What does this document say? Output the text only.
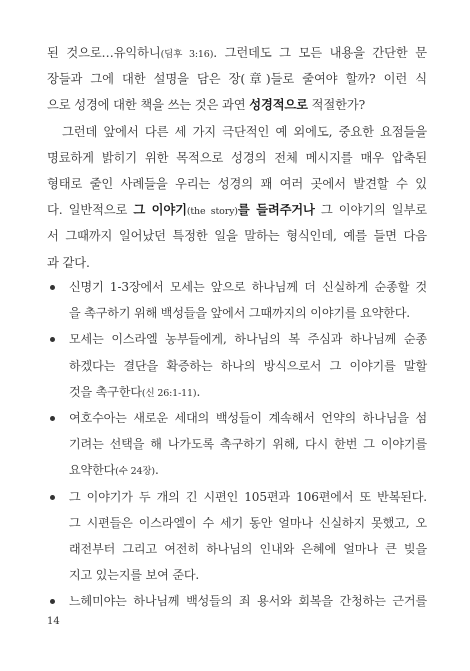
된 것으로…유익하니(딤후 3:16). 그런데도 그 모든 내용을 간단한 문
장들과 그에 대한 설명을 담은 장(章)들로 줄여야 할까? 이런 식
으로 성경에 대한 책을 쓰는 것은 과연 성경적으로 적절한가?

그런데 앞에서 다른 세 가지 극단적인 예 외에도, 중요한 요점들을
명료하게 밝히기 위한 목적으로 성경의 전체 메시지를 매우 압축된
형태로 줄인 사례들을 우리는 성경의 꽤 여러 곳에서 발견할 수 있
다. 일반적으로 그 이야기(the story)를 들려주거나 그 이야기의 일부로
서 그때까지 일어났던 특정한 일을 말하는 형식인데, 예를 들면 다음
과 같다.

신명기 1-3장에서 모세는 앞으로 하나님께 더 신실하게 순종할 것
을 촉구하기 위해 백성들을 앞에서 그때까지의 이야기를 요약한다.
모세는 이스라엘 농부들에게, 하나님의 복 주심과 하나님께 순종
하겠다는 결단을 확증하는 하나의 방식으로서 그 이야기를 말할
것을 촉구한다(신 26:1-11).
여호수아는 새로운 세대의 백성들이 계속해서 언약의 하나님을 섬
기려는 선택을 해 나가도록 촉구하기 위해, 다시 한번 그 이야기를
요약한다(수 24장).
그 이야기가 두 개의 긴 시편인 105편과 106편에서 또 반복된다.
그 시편들은 이스라엘이 수 세기 동안 얼마나 신실하지 못했고, 오
래전부터 그리고 여전히 하나님의 인내와 은혜에 얼마나 큰 빚을
지고 있는지를 보여 준다.
느헤미야는 하나님께 백성들의 죄 용서와 회복을 간청하는 근거를
14
